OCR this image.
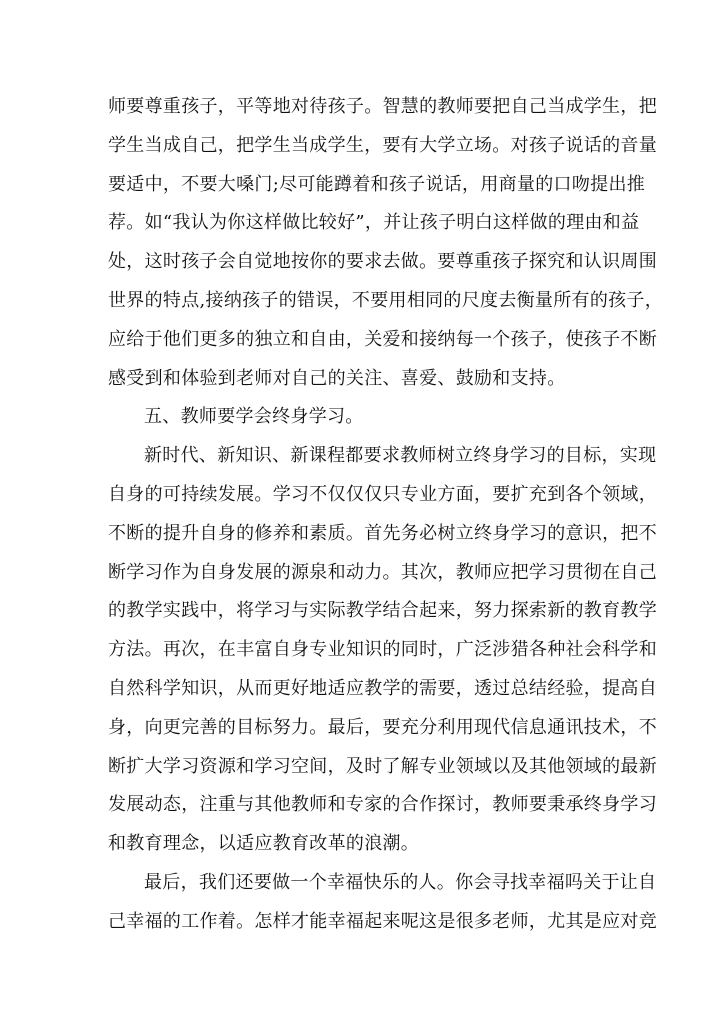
师要尊重孩子，平等地对待孩子。智慧的教师要把自己当成学生，把
学生当成自己，把学生当成学生，要有大学立场。对孩子说话的音量
要适中，不要大嗓门;尽可能蹲着和孩子说话，用商量的口吻提出推
荐。如“我认为你这样做比较好”，并让孩子明白这样做的理由和益
处，这时孩子会自觉地按你的要求去做。要尊重孩子探究和认识周围
世界的特点,接纳孩子的错误，不要用相同的尺度去衡量所有的孩子，
应给于他们更多的独立和自由，关爱和接纳每一个孩子，使孩子不断
感受到和体验到老师对自己的关注、喜爱、鼓励和支持。
五、教师要学会终身学习。
新时代、新知识、新课程都要求教师树立终身学习的目标，实现
自身的可持续发展。学习不仅仅仅只专业方面，要扩充到各个领域，
不断的提升自身的修养和素质。首先务必树立终身学习的意识，把不
断学习作为自身发展的源泉和动力。其次，教师应把学习贯彻在自己
的教学实践中，将学习与实际教学结合起来，努力探索新的教育教学
方法。再次，在丰富自身专业知识的同时，广泛涉猎各种社会科学和
自然科学知识，从而更好地适应教学的需要，透过总结经验，提高自
身，向更完善的目标努力。最后，要充分利用现代信息通讯技术，不
断扩大学习资源和学习空间，及时了解专业领域以及其他领域的最新
发展动态，注重与其他教师和专家的合作探讨，教师要秉承终身学习
和教育理念，以适应教育改革的浪潮。
最后，我们还要做一个幸福快乐的人。你会寻找幸福吗关于让自
己幸福的工作着。怎样才能幸福起来呢这是很多老师，尤其是应对竞
